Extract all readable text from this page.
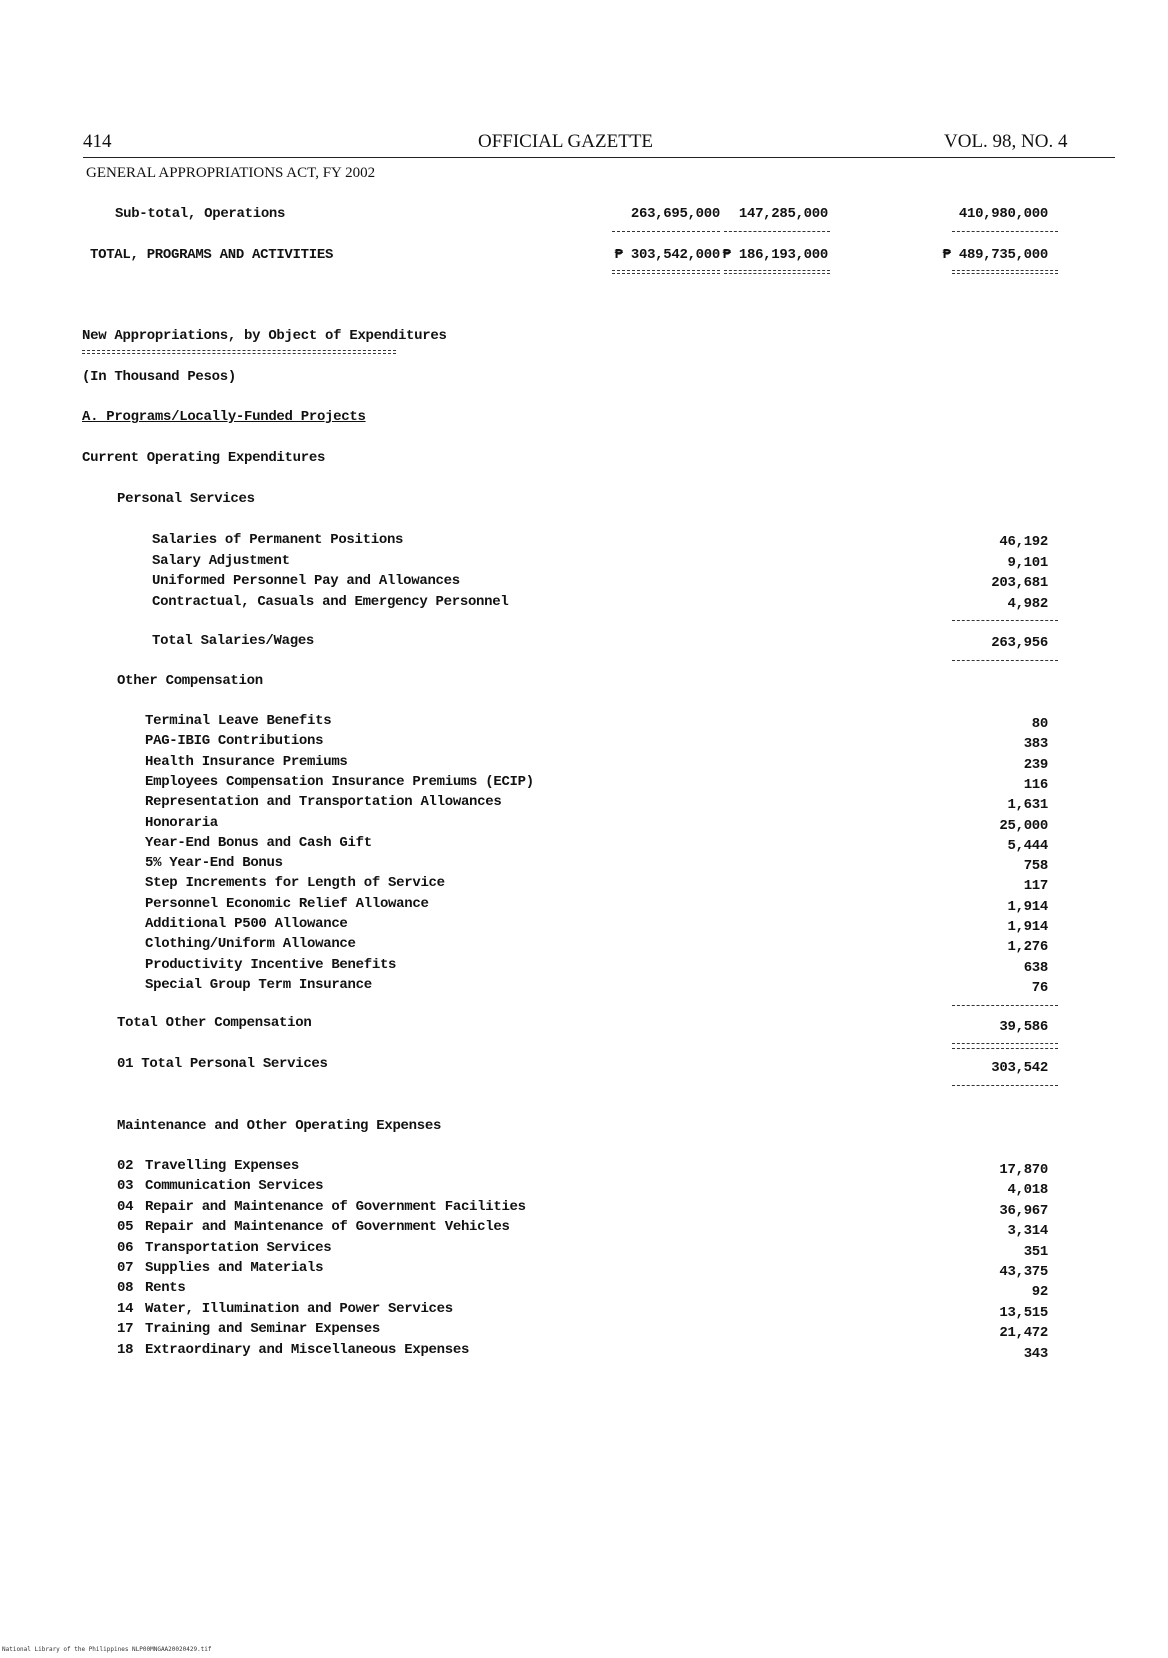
414	OFFICIAL GAZETTE	VOL. 98, NO. 4
GENERAL APPROPRIATIONS ACT, FY 2002
Sub-total, Operations	263,695,000	147,285,000	410,980,000
TOTAL, PROGRAMS AND ACTIVITIES	₱ 303,542,000 ₱ 186,193,000	₱ 489,735,000
New Appropriations, by Object of Expenditures
(In Thousand Pesos)
A. Programs/Locally-Funded Projects
Current Operating Expenditures
Personal Services
Salaries of Permanent Positions	46,192
Salary Adjustment	9,101
Uniformed Personnel Pay and Allowances	203,681
Contractual, Casuals and Emergency Personnel	4,982
Total Salaries/Wages	263,956
Other Compensation
Terminal Leave Benefits	80
PAG-IBIG Contributions	383
Health Insurance Premiums	239
Employees Compensation Insurance Premiums (ECIP)	116
Representation and Transportation Allowances	1,631
Honoraria	25,000
Year-End Bonus and Cash Gift	5,444
5% Year-End Bonus	758
Step Increments for Length of Service	117
Personnel Economic Relief Allowance	1,914
Additional P500 Allowance	1,914
Clothing/Uniform Allowance	1,276
Productivity Incentive Benefits	638
Special Group Term Insurance	76
Total Other Compensation	39,586
01 Total Personal Services	303,542
Maintenance and Other Operating Expenses
02 Travelling Expenses	17,870
03 Communication Services	4,018
04 Repair and Maintenance of Government Facilities	36,967
05 Repair and Maintenance of Government Vehicles	3,314
06 Transportation Services	351
07 Supplies and Materials	43,375
08 Rents	92
14 Water, Illumination and Power Services	13,515
17 Training and Seminar Expenses	21,472
18 Extraordinary and Miscellaneous Expenses	343
National Library of the Philippines NLP00MNGAA20020429.tif
